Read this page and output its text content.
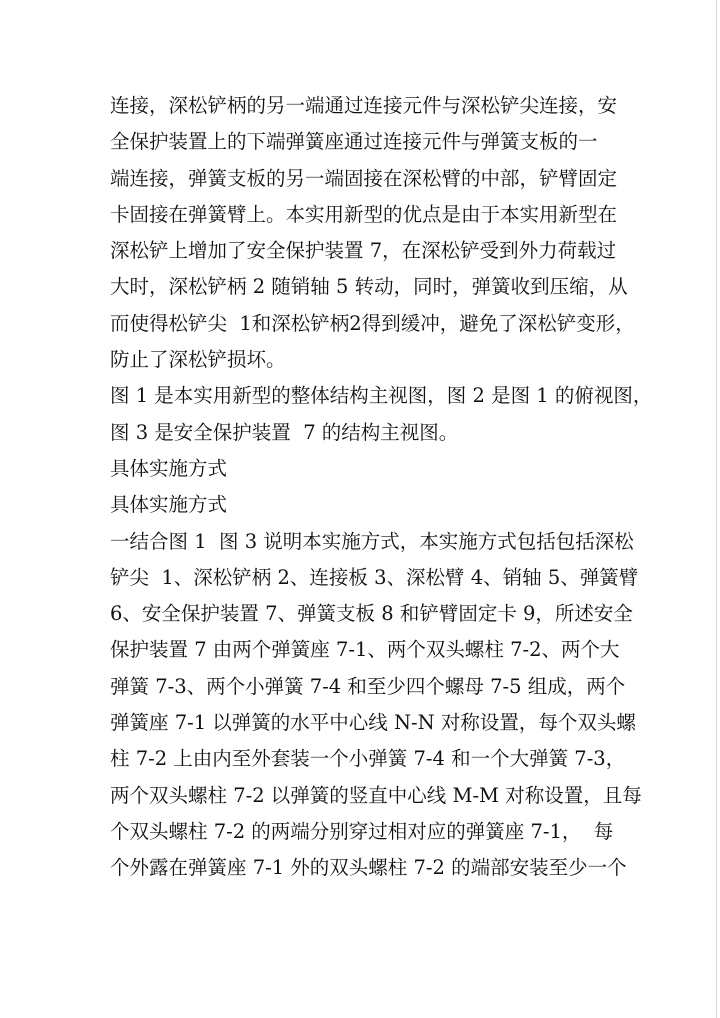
连接，深松铲柄的另一端通过连接元件与深松铲尖连接，安
全保护装置上的下端弹簧座通过连接元件与弹簧支板的一
端连接，弹簧支板的另一端固接在深松臂的中部，铲臂固定
卡固接在弹簧臂上。本实用新型的优点是由于本实用新型在
深松铲上增加了安全保护装置 7，在深松铲受到外力荷载过
大时，深松铲柄 2 随销轴 5 转动，同时，弹簧收到压缩，从
而使得松铲尖  1和深松铲柄2得到缓冲，避免了深松铲变形，
防止了深松铲损坏。
图 1 是本实用新型的整体结构主视图，图 2 是图 1 的俯视图，
图 3 是安全保护装置  7 的结构主视图。
具体实施方式
具体实施方式
一结合图 1  图 3 说明本实施方式，本实施方式包括包括深松
铲尖  1、深松铲柄 2、连接板 3、深松臂 4、销轴 5、弹簧臂
6、安全保护装置 7、弹簧支板 8 和铲臂固定卡 9，所述安全
保护装置 7 由两个弹簧座 7-1、两个双头螺柱 7-2、两个大
弹簧 7-3、两个小弹簧 7-4 和至少四个螺母 7-5 组成，两个
弹簧座 7-1 以弹簧的水平中心线 N-N 对称设置，每个双头螺
柱 7-2 上由内至外套装一个小弹簧 7-4 和一个大弹簧 7-3，
两个双头螺柱 7-2 以弹簧的竖直中心线 M-M 对称设置，且每
个双头螺柱 7-2 的两端分别穿过相对应的弹簧座 7-1，  每
个外露在弹簧座 7-1 外的双头螺柱 7-2 的端部安装至少一个
